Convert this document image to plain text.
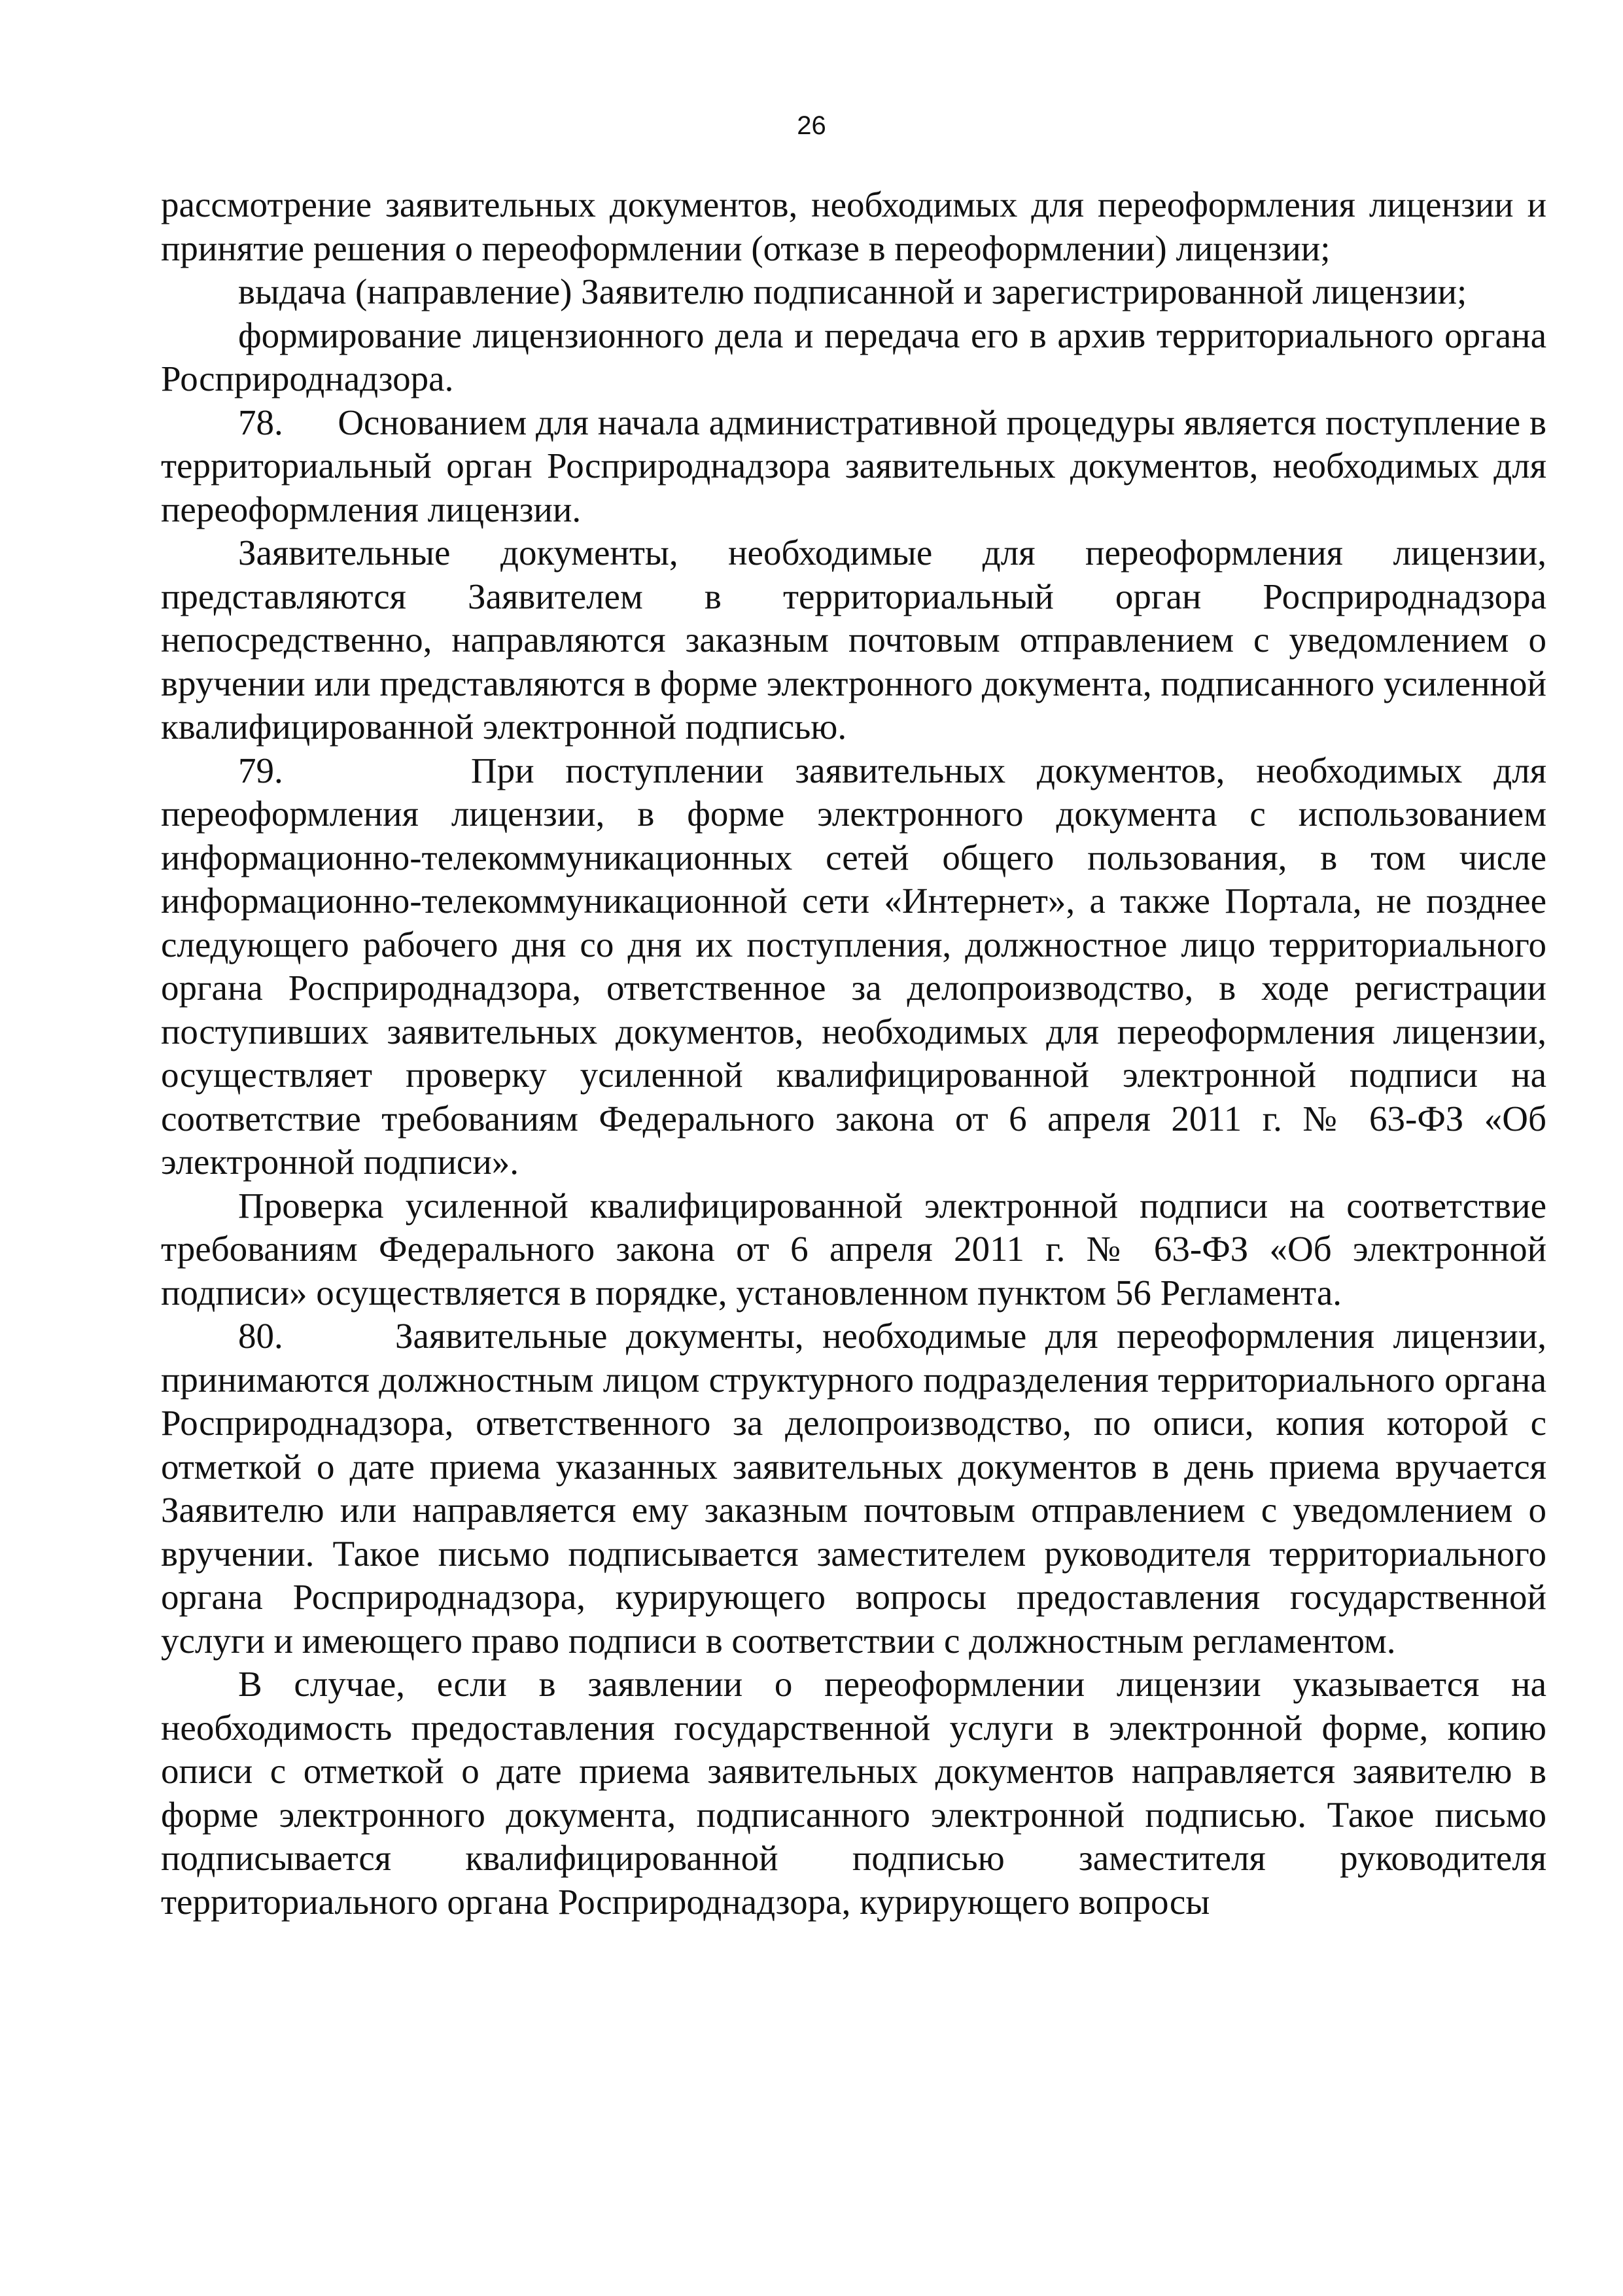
26

рассмотрение заявительных документов, необходимых для переоформления лицензии и принятие решения о переоформлении (отказе в переоформлении) лицензии;

выдача (направление) Заявителю подписанной и зарегистрированной лицензии;

формирование лицензионного дела и передача его в архив территориального органа Росприроднадзора.

78. Основанием для начала административной процедуры является поступление в территориальный орган Росприроднадзора заявительных документов, необходимых для переоформления лицензии.

Заявительные документы, необходимые для переоформления лицензии, представляются Заявителем в территориальный орган Росприроднадзора непосредственно, направляются заказным почтовым отправлением с уведомлением о вручении или представляются в форме электронного документа, подписанного усиленной квалифицированной электронной подписью.

79.	При поступлении заявительных документов, необходимых для переоформления лицензии, в форме электронного документа с использованием информационно-телекоммуникационных сетей общего пользования, в том числе информационно-телекоммуникационной сети «Интернет», а также Портала, не позднее следующего рабочего дня со дня их поступления, должностное лицо территориального органа Росприроднадзора, ответственное за делопроизводство, в ходе регистрации поступивших заявительных документов, необходимых для переоформления лицензии, осуществляет проверку усиленной квалифицированной электронной подписи на соответствие требованиям Федерального закона от 6 апреля 2011 г. № 63-ФЗ «Об электронной подписи».

Проверка усиленной квалифицированной электронной подписи на соответствие требованиям Федерального закона от 6 апреля 2011 г. № 63-ФЗ «Об электронной подписи» осуществляется в порядке, установленном пунктом 56 Регламента.

80.	Заявительные документы, необходимые для переоформления лицензии, принимаются должностным лицом структурного подразделения территориального органа Росприроднадзора, ответственного за делопроизводство, по описи, копия которой с отметкой о дате приема указанных заявительных документов в день приема вручается Заявителю или направляется ему заказным почтовым отправлением с уведомлением о вручении. Такое письмо подписывается заместителем руководителя территориального органа Росприроднадзора, курирующего вопросы предоставления государственной услуги и имеющего право подписи в соответствии с должностным регламентом.

В случае, если в заявлении о переоформлении лицензии указывается на необходимость предоставления государственной услуги в электронной форме, копию описи с отметкой о дате приема заявительных документов направляется заявителю в форме электронного документа, подписанного электронной подписью. Такое письмо подписывается квалифицированной подписью заместителя руководителя территориального органа Росприроднадзора, курирующего вопросы
